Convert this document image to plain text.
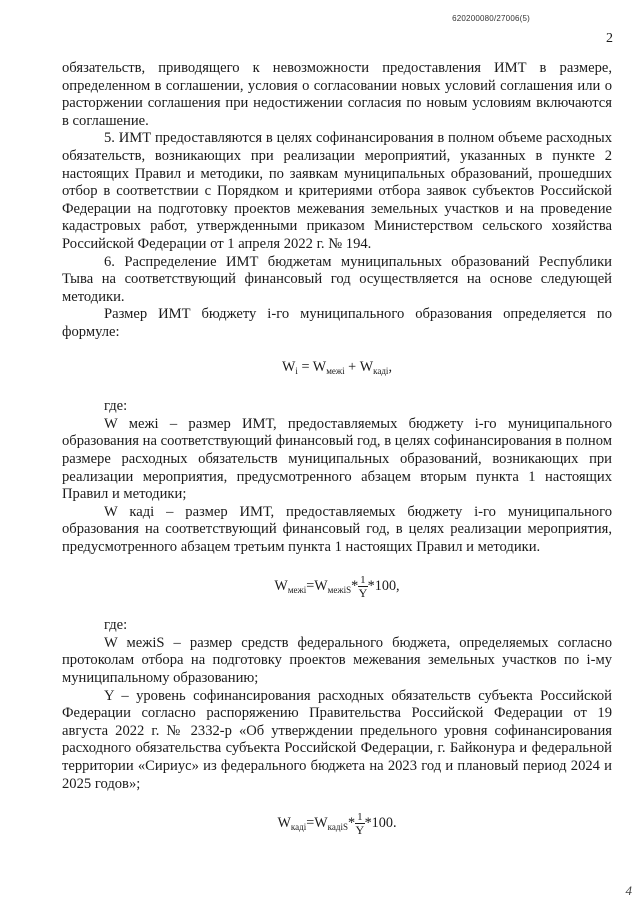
620200080/27006(5)
2

обязательств, приводящего к невозможности предоставления ИМТ в размере, определенном в соглашении, условия о согласовании новых условий соглашения или о расторжении соглашения при недостижении согласия по новым условиям включаются в соглашение.

5. ИМТ предоставляются в целях софинансирования в полном объеме расходных обязательств, возникающих при реализации мероприятий, указанных в пункте 2 настоящих Правил и методики, по заявкам муниципальных образований, прошедших отбор в соответствии с Порядком и критериями отбора заявок субъектов Российской Федерации на подготовку проектов межевания земельных участков и на проведение кадастровых работ, утвержденными приказом Министерством сельского хозяйства Российской Федерации от 1 апреля 2022 г. № 194.

6. Распределение ИМТ бюджетам муниципальных образований Республики Тыва на соответствующий финансовый год осуществляется на основе следующей методики.

Размер ИМТ бюджету i-го муниципального образования определяется по формуле:

$W_i = W_{межі} + W_{каді}$,

где:

W межі – размер ИМТ, предоставляемых бюджету i-го муниципального образования на соответствующий финансовый год, в целях софинансирования в полном размере расходных обязательств муниципальных образований, возникающих при реализации мероприятия, предусмотренного абзацем вторым пункта 1 настоящих Правил и методики;

W каді – размер ИМТ, предоставляемых бюджету i-го муниципального образования на соответствующий финансовый год, в целях реализации мероприятия, предусмотренного абзацем третьим пункта 1 настоящих Правил и методики.

$W_{межі}=W_{межіS}* \frac{1}{Y} *100$,

где:

W межіS – размер средств федерального бюджета, определяемых согласно протоколам отбора на подготовку проектов межевания земельных участков по i-му муниципальному образованию;

Y – уровень софинансирования расходных обязательств субъекта Российской Федерации согласно распоряжению Правительства Российской Федерации от 19 августа 2022 г. № 2332-р «Об утверждении предельного уровня софинансирования расходного обязательства субъекта Российской Федерации, г. Байконура и федеральной территории «Сириус» из федерального бюджета на 2023 год и плановый период 2024 и 2025 годов»;

$W_{каді}=W_{кадіS}* \frac{1}{Y} *100$.

4
